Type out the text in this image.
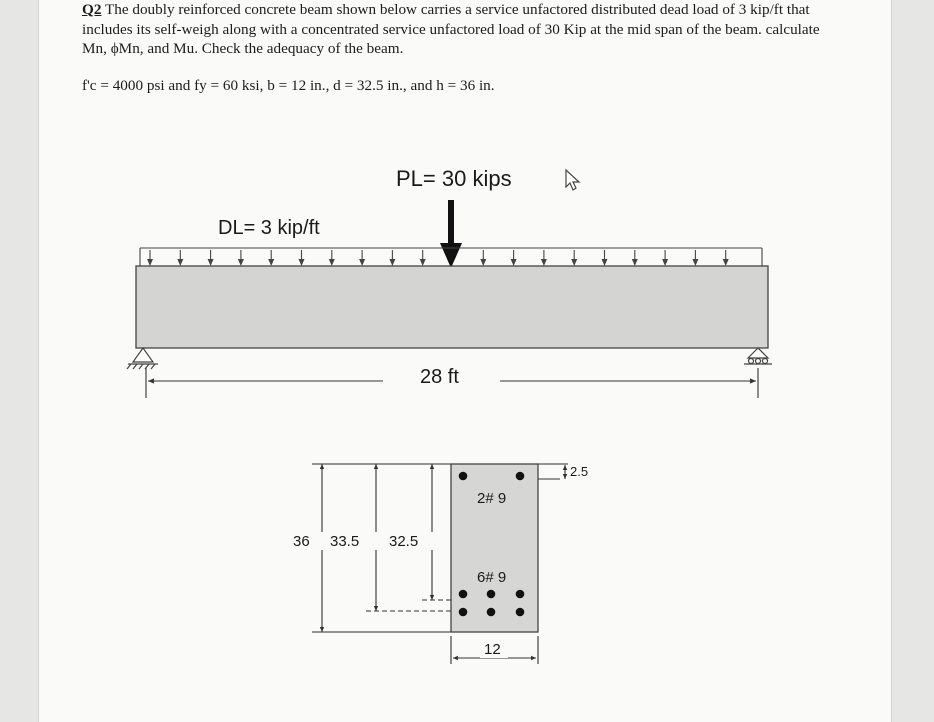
Q2 The doubly reinforced concrete beam shown below carries a service unfactored distributed dead load of 3 kip/ft that includes its self-weigh along with a concentrated service unfactored load of 30 Kip at the mid span of the beam. calculate Mn, ϕMn, and Mu. Check the adequacy of the beam.
f'c = 4000 psi and fy = 60 ksi, b = 12 in., d = 32.5 in., and h = 36 in.
PL= 30 kips
DL= 3 kip/ft
28 ft
36 33.5 32.5
2.5
12
2# 9
6# 9
